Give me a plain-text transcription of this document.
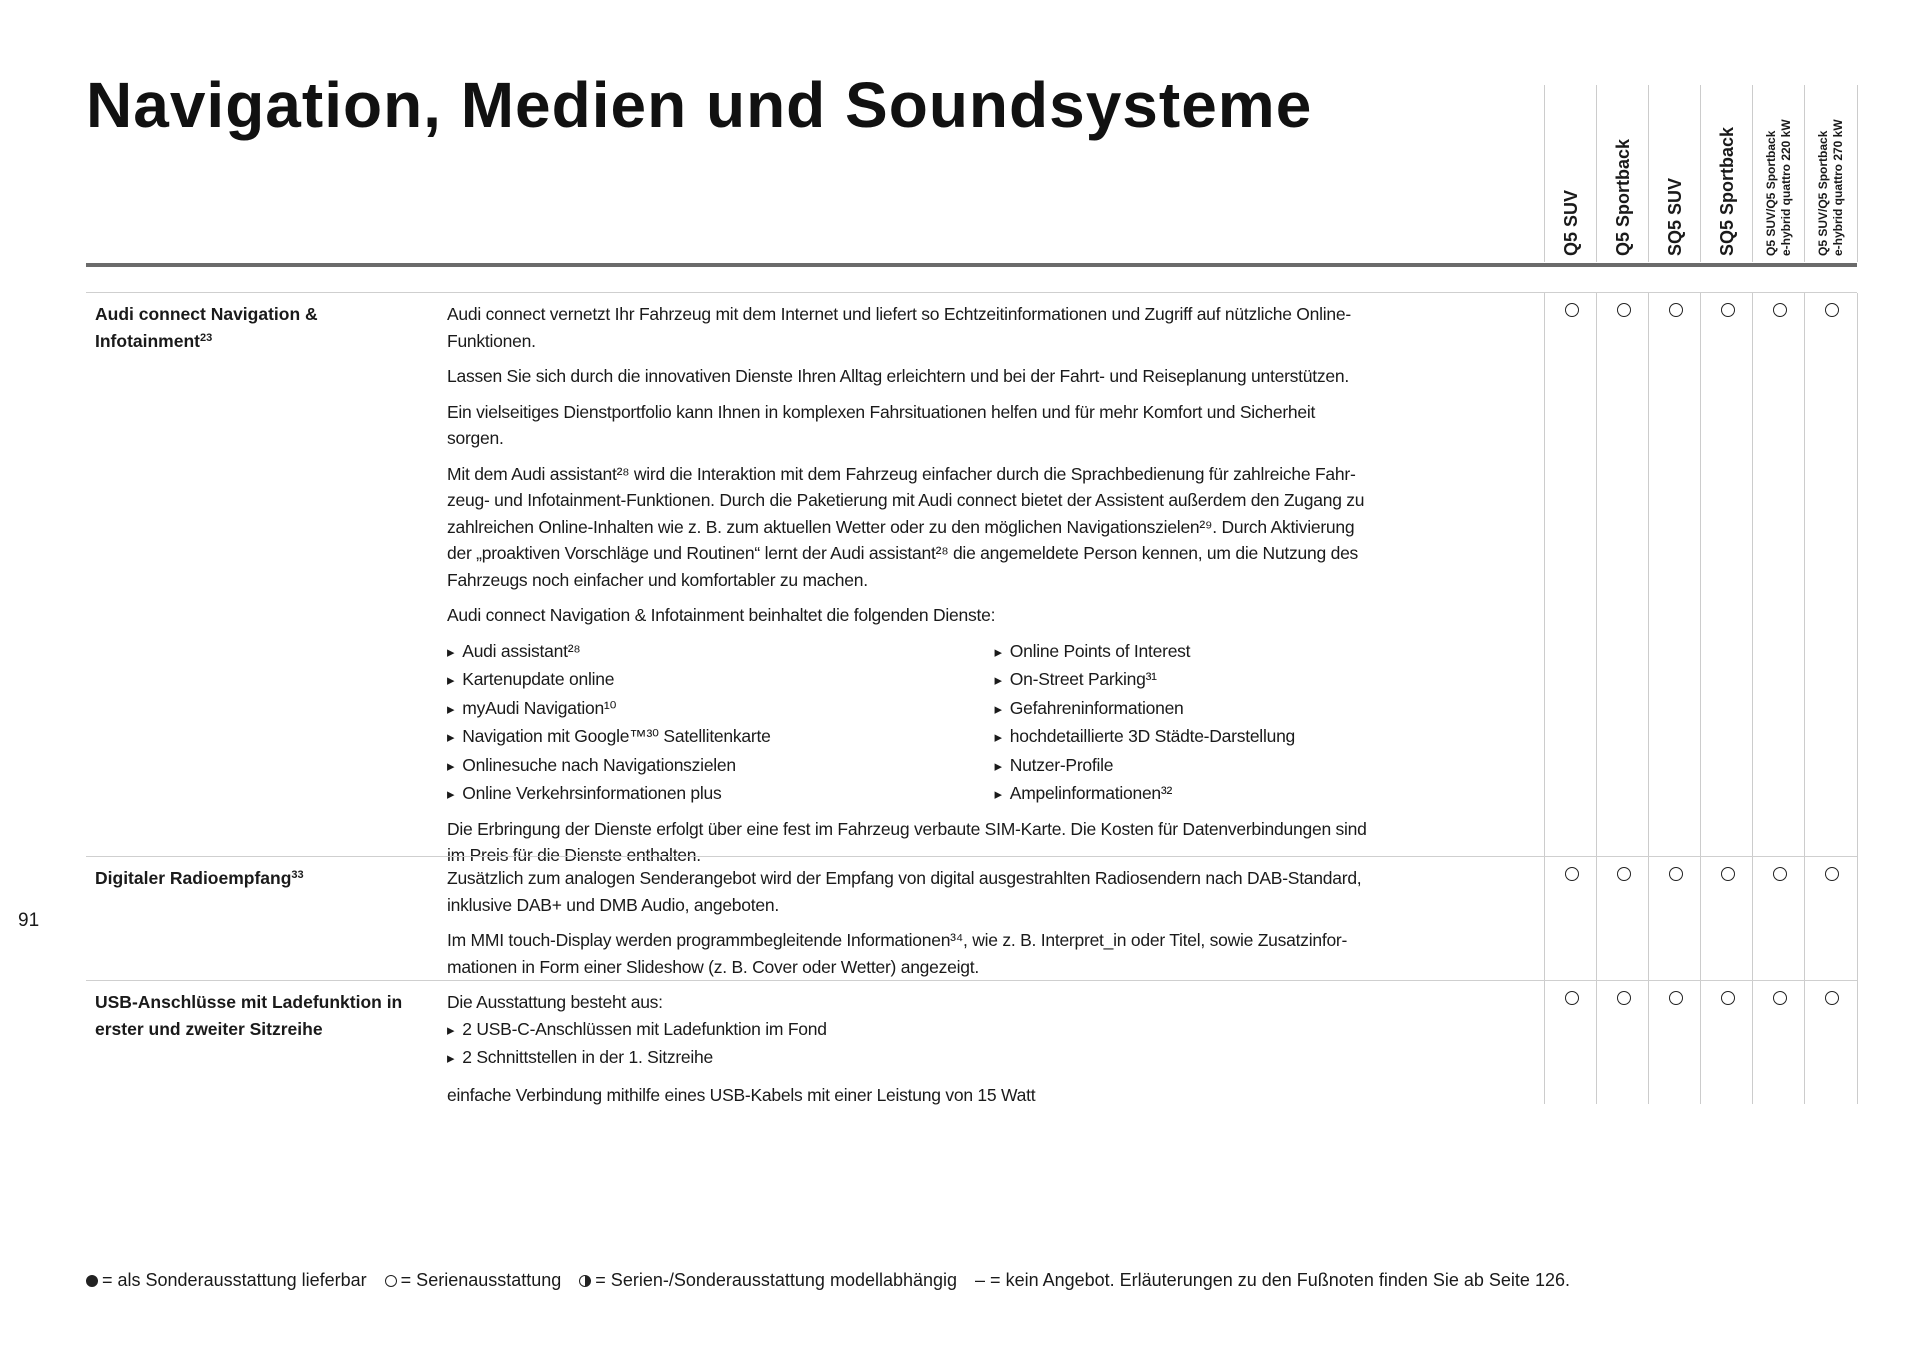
Navigation, Medien und Soundsysteme
Q5 SUV Q5 Sportback SQ5 SUV SQ5 Sportback Q5 SUV/Q5 Sportback
e-hybrid quattro 220 kW Q5 SUV/Q5 Sportback
e-hybrid quattro 270 kW
Audi connect Navigation & Infotainment$^{23}$

Audi connect vernetzt Ihr Fahrzeug mit dem Internet und liefert so Echtzeitinformationen und Zugriff auf nützliche Online-
Funktionen.

Lassen Sie sich durch die innovativen Dienste Ihren Alltag erleichtern und bei der Fahrt- und Reiseplanung unterstützen.

Ein vielseitiges Dienstportfolio kann Ihnen in komplexen Fahrsituationen helfen und für mehr Komfort und Sicherheit
sorgen.

Mit dem Audi assistant²⁸ wird die Interaktion mit dem Fahrzeug einfacher durch die Sprachbedienung für zahlreiche Fahr-
zeug- und Infotainment-Funktionen. Durch die Paketierung mit Audi connect bietet der Assistent außerdem den Zugang zu
zahlreichen Online-Inhalten wie z. B. zum aktuellen Wetter oder zu den möglichen Navigationszielen²⁹. Durch Aktivierung
der „proaktiven Vorschläge und Routinen“ lernt der Audi assistant²⁸ die angemeldete Person kennen, um die Nutzung des
Fahrzeugs noch einfacher und komfortabler zu machen.

Audi connect Navigation & Infotainment beinhaltet die folgenden Dienste:

▸ Audi assistant²⁸
▸ Kartenupdate online
▸ myAudi Navigation¹⁰
▸ Navigation mit Google™³⁰ Satellitenkarte
▸ Onlinesuche nach Navigationszielen
▸ Online Verkehrsinformationen plus
▸ Online Points of Interest
▸ On-Street Parking³¹
▸ Gefahreninformationen
▸ hochdetaillierte 3D Städte-Darstellung
▸ Nutzer-Profile
▸ Ampelinformationen³²

Die Erbringung der Dienste erfolgt über eine fest im Fahrzeug verbaute SIM-Karte. Die Kosten für Datenverbindungen sind
im Preis für die Dienste enthalten.

Digitaler Radioempfang$^{33}$	Zusätzlich zum analogen Senderangebot wird der Empfang von digital ausgestrahlten Radiosendern nach DAB-Standard,
inklusive DAB+ und DMB Audio, angeboten.

Im MMI touch-Display werden programmbegleitende Informationen³⁴, wie z. B. Interpret_in oder Titel, sowie Zusatzinfor-
mationen in Form einer Slideshow (z. B. Cover oder Wetter) angezeigt.

USB-Anschlüsse mit Ladefunktion in erster und zweiter Sitzreihe
Die Ausstattung besteht aus:
▸ 2 USB-C-Anschlüssen mit Ladefunktion im Fond
▸ 2 Schnittstellen in der 1. Sitzreihe

einfache Verbindung mithilfe eines USB-Kabels mit einer Leistung von 15 Watt

91
= als Sonderausstattung lieferbar = Serienausstattung = Serien-/Sonderausstattung modellabhängig – = kein Angebot. Erläuterungen zu den Fußnoten finden Sie ab Seite 126.
